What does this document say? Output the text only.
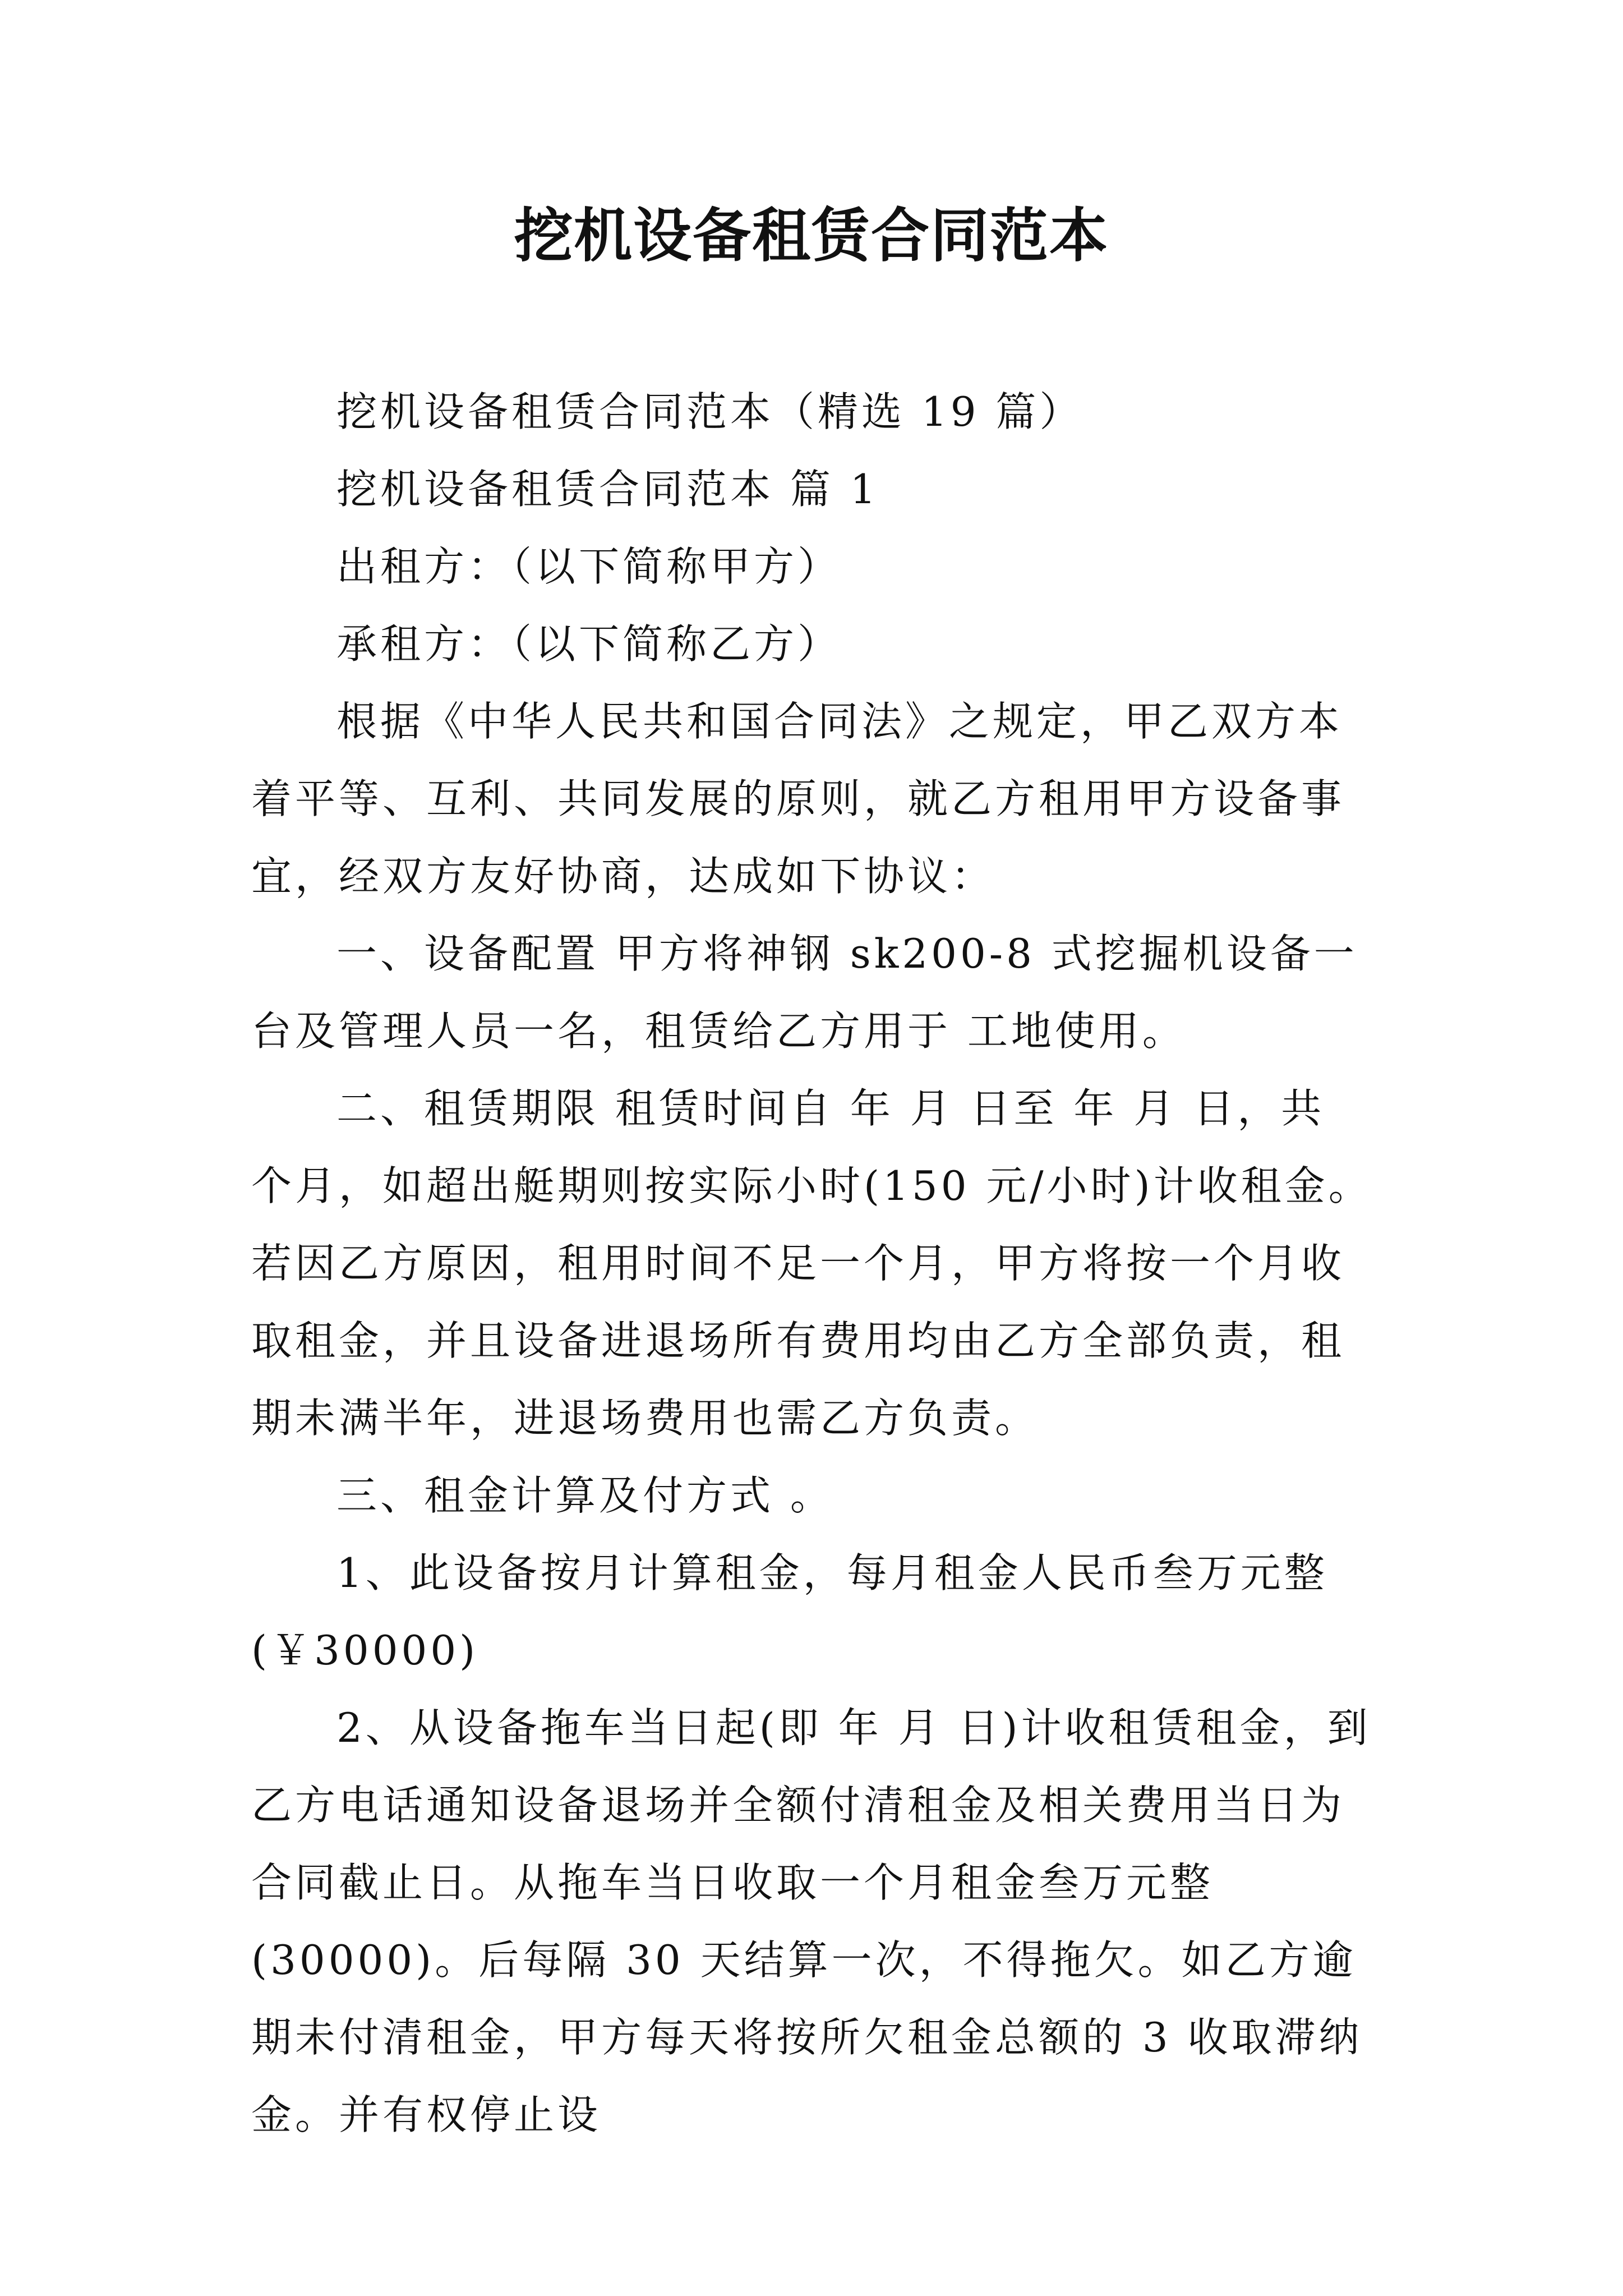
挖机设备租赁合同范本

挖机设备租赁合同范本（精选 19 篇）

挖机设备租赁合同范本 篇 1

出租方：（以下简称甲方）

承租方：（以下简称乙方）

根据《中华人民共和国合同法》之规定，甲乙双方本着平等、互利、共同发展的原则，就乙方租用甲方设备事宜，经双方友好协商，达成如下协议：

一、设备配置 甲方将神钢 sk200-8 式挖掘机设备一台及管理人员一名，租赁给乙方用于 工地使用。

二、租赁期限 租赁时间自 年 月 日至 年 月 日，共 个月，如超出艇期则按实际小时(150 元/小时)计收租金。若因乙方原因，租用时间不足一个月，甲方将按一个月收取租金，并且设备进退场所有费用均由乙方全部负责，租期未满半年，进退场费用也需乙方负责。

三、租金计算及付方式 。

1、此设备按月计算租金，每月租金人民币叁万元整(￥30000)

2、从设备拖车当日起(即 年 月 日)计收租赁租金，到乙方电话通知设备退场并全额付清租金及相关费用当日为合同截止日。从拖车当日收取一个月租金叁万元整(30000)。后每隔 30 天结算一次，不得拖欠。如乙方逾期未付清租金，甲方每天将按所欠租金总额的 3 收取滞纳金。并有权停止设
